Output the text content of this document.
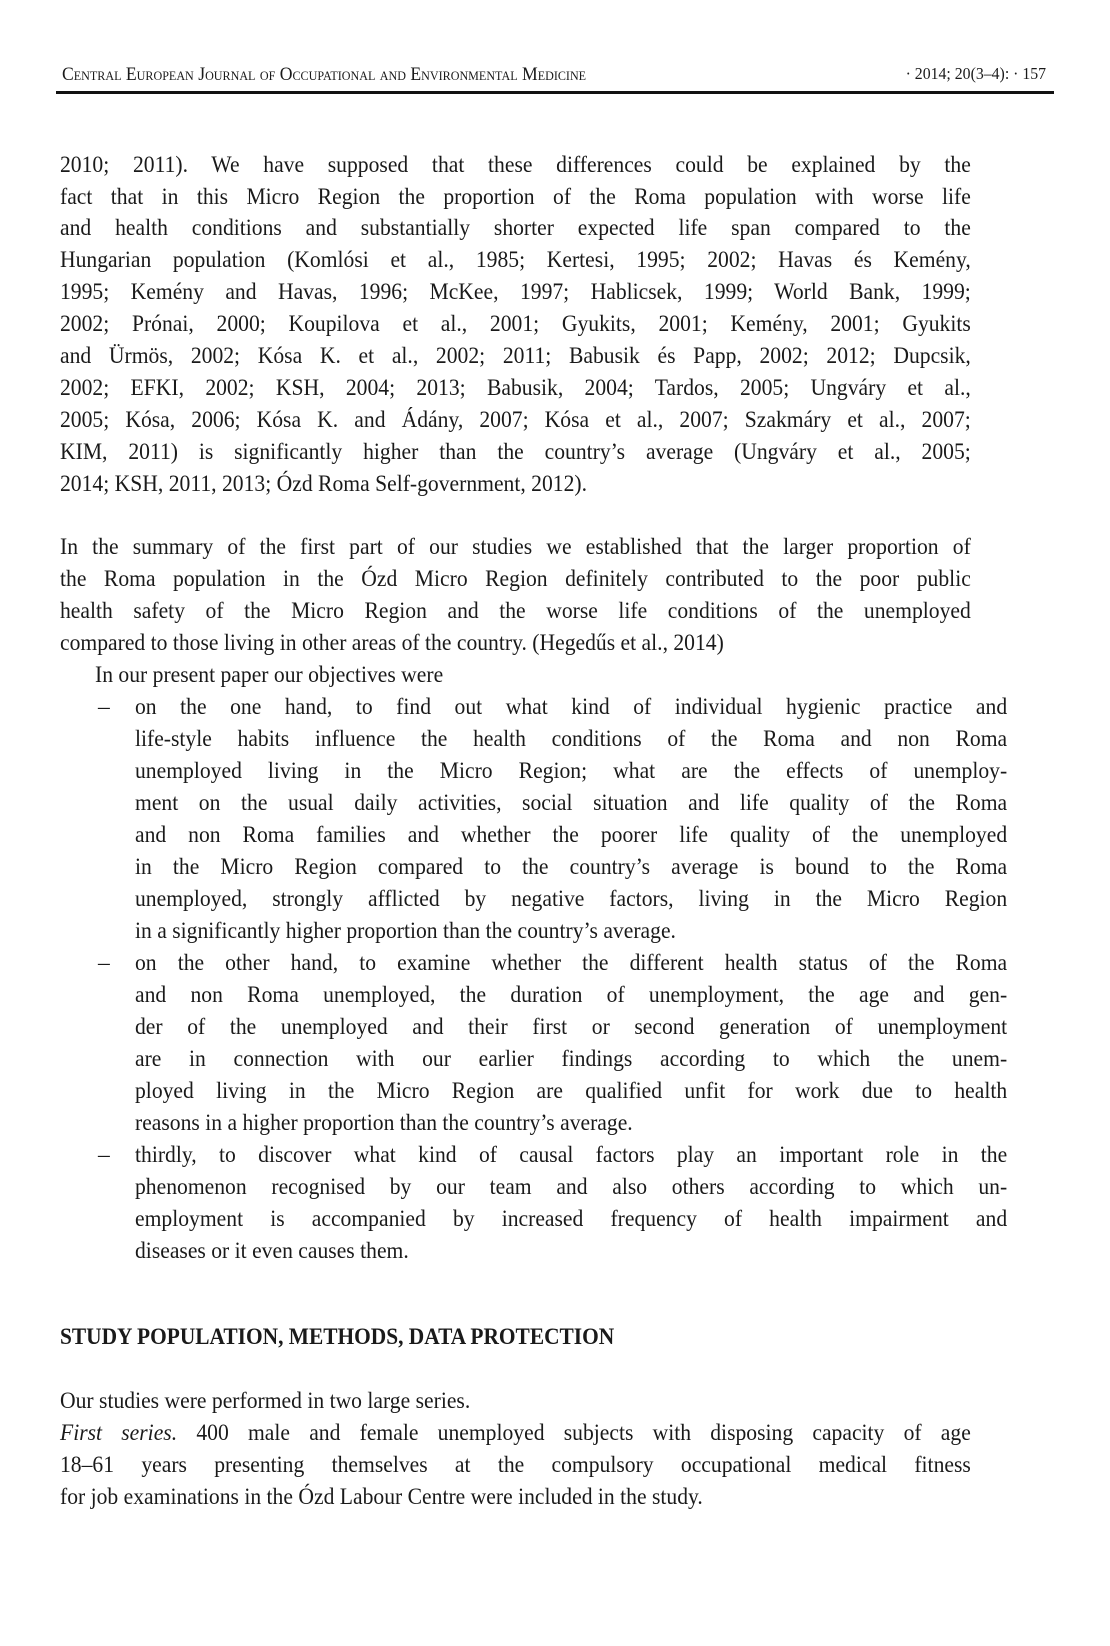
Central European Journal of Occupational and Environmental Medicine	· 2014; 20(3–4): · 157
2010; 2011). We have supposed that these differences could be explained by the
fact that in this Micro Region the proportion of the Roma population with worse life
and health conditions and substantially shorter expected life span compared to the
Hungarian population (Komlósi et al., 1985; Kertesi, 1995; 2002; Havas és Kemény,
1995; Kemény and Havas, 1996; McKee, 1997; Hablicsek, 1999; World Bank, 1999;
2002; Prónai, 2000; Koupilova et al., 2001; Gyukits, 2001; Kemény, 2001; Gyukits
and Ürmös, 2002; Kósa K. et al., 2002; 2011; Babusik és Papp, 2002; 2012; Dupcsik,
2002; EFKI, 2002; KSH, 2004; 2013; Babusik, 2004; Tardos, 2005; Ungváry et al.,
2005; Kósa, 2006; Kósa K. and Ádány, 2007; Kósa et al., 2007; Szakmáry et al., 2007;
KIM, 2011) is significantly higher than the country’s average (Ungváry et al., 2005;
2014; KSH, 2011, 2013; Ózd Roma Self-government, 2012).
In the summary of the first part of our studies we established that the larger proportion of
the Roma population in the Ózd Micro Region definitely contributed to the poor public
health safety of the Micro Region and the worse life conditions of the unemployed
compared to those living in other areas of the country. (Hegedűs et al., 2014)
In our present paper our objectives were
– on the one hand, to find out what kind of individual hygienic practice and
life-style habits influence the health conditions of the Roma and non Roma
unemployed living in the Micro Region; what are the effects of unemploy-
ment on the usual daily activities, social situation and life quality of the Roma
and non Roma families and whether the poorer life quality of the unemployed
in the Micro Region compared to the country’s average is bound to the Roma
unemployed, strongly afflicted by negative factors, living in the Micro Region
in a significantly higher proportion than the country’s average.
– on the other hand, to examine whether the different health status of the Roma
and non Roma unemployed, the duration of unemployment, the age and gen-
der of the unemployed and their first or second generation of unemployment
are in connection with our earlier findings according to which the unem-
ployed living in the Micro Region are qualified unfit for work due to health
reasons in a higher proportion than the country’s average.
– thirdly, to discover what kind of causal factors play an important role in the
phenomenon recognised by our team and also others according to which un-
employment is accompanied by increased frequency of health impairment and
diseases or it even causes them.
STUDY POPULATION, METHODS, DATA PROTECTION
Our studies were performed in two large series.
First series. 400 male and female unemployed subjects with disposing capacity of age
18–61 years presenting themselves at the compulsory occupational medical fitness
for job examinations in the Ózd Labour Centre were included in the study.
